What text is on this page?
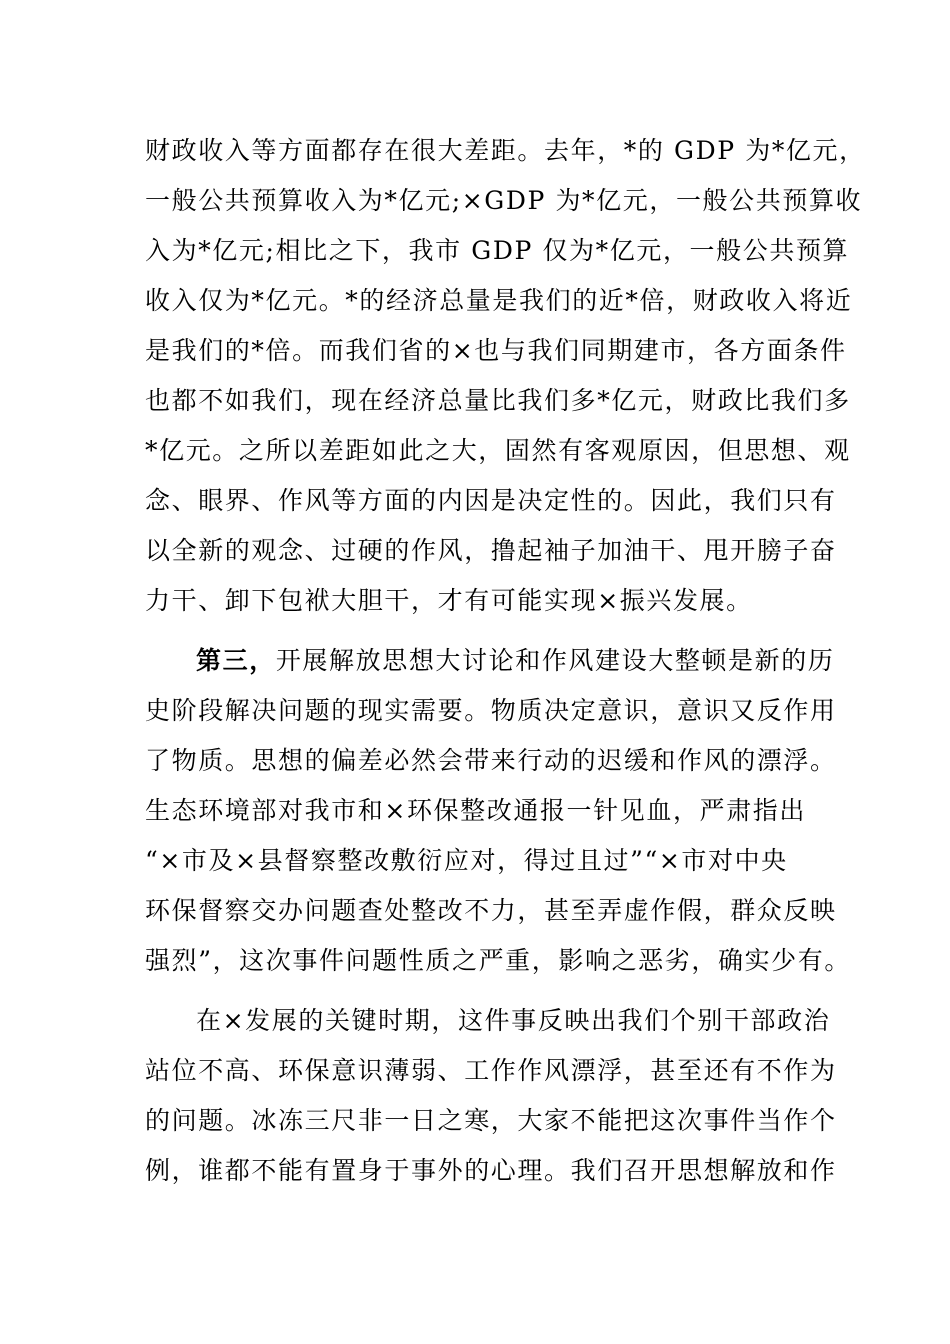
财政收入等方面都存在很大差距。去年，*的 GDP 为*亿元，
一般公共预算收入为*亿元;×GDP 为*亿元，一般公共预算收
入为*亿元;相比之下，我市 GDP 仅为*亿元，一般公共预算
收入仅为*亿元。*的经济总量是我们的近*倍，财政收入将近
是我们的*倍。而我们省的×也与我们同期建市，各方面条件
也都不如我们，现在经济总量比我们多*亿元，财政比我们多
*亿元。之所以差距如此之大，固然有客观原因，但思想、观
念、眼界、作风等方面的内因是决定性的。因此，我们只有
以全新的观念、过硬的作风，撸起袖子加油干、甩开膀子奋
力干、卸下包袱大胆干，才有可能实现×振兴发展。
第三，开展解放思想大讨论和作风建设大整顿是新的历
史阶段解决问题的现实需要。物质决定意识，意识又反作用
了物质。思想的偏差必然会带来行动的迟缓和作风的漂浮。
生态环境部对我市和×环保整改通报一针见血，严肃指出
“×市及×县督察整改敷衍应对，得过且过”“×市对中央
环保督察交办问题查处整改不力，甚至弄虚作假，群众反映
强烈”，这次事件问题性质之严重，影响之恶劣，确实少有。
在×发展的关键时期，这件事反映出我们个别干部政治
站位不高、环保意识薄弱、工作作风漂浮，甚至还有不作为
的问题。冰冻三尺非一日之寒，大家不能把这次事件当作个
例，谁都不能有置身于事外的心理。我们召开思想解放和作
